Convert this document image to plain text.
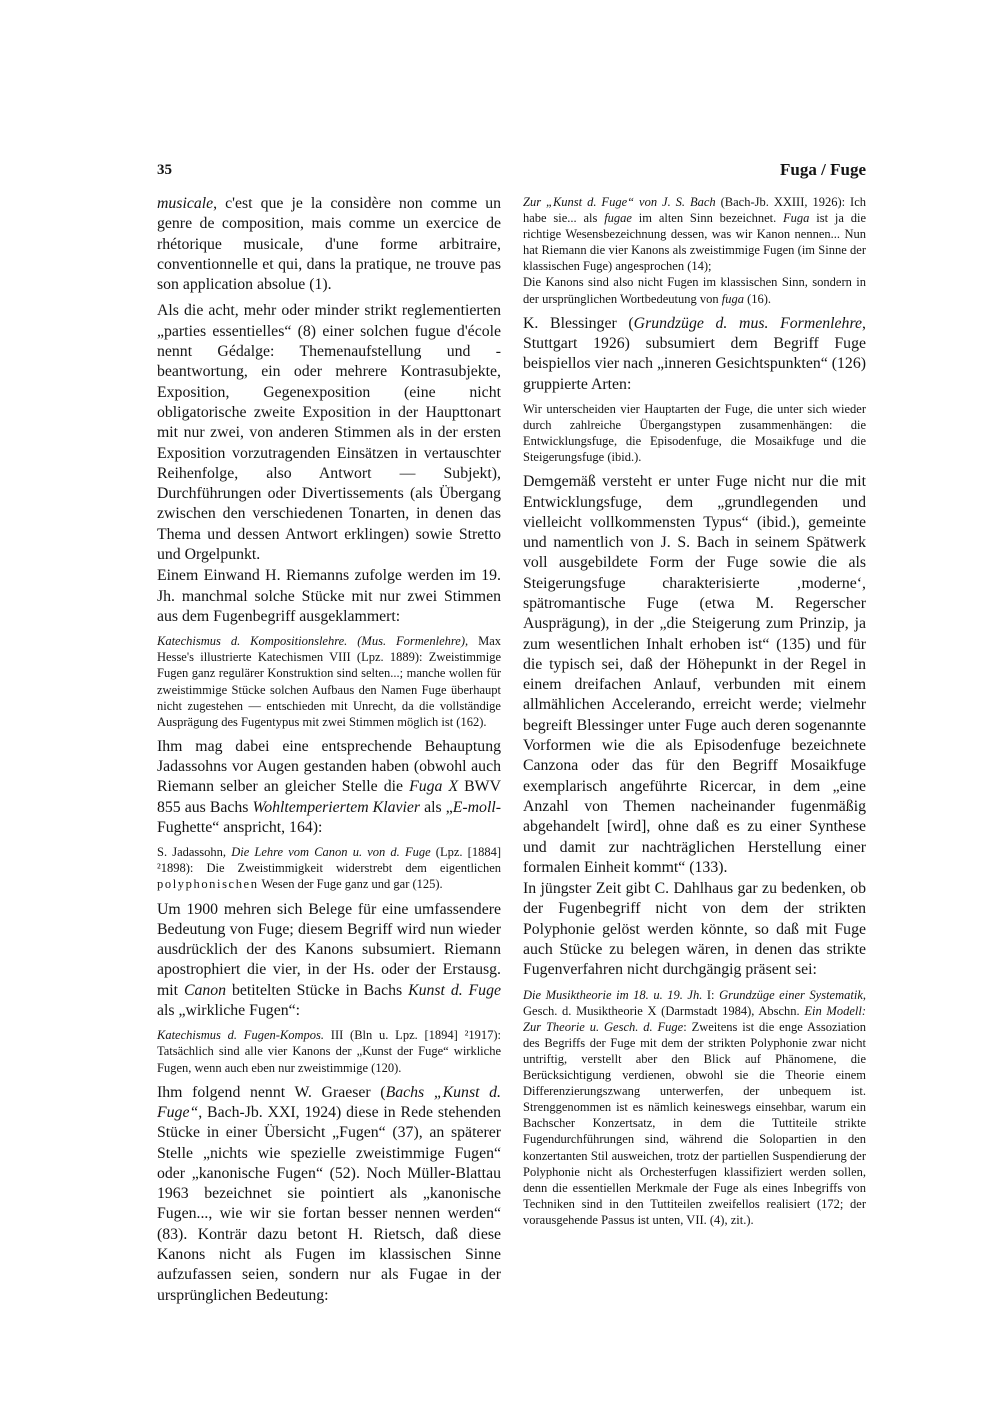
35	Fuga / Fuge

musicale, c'est que je la considère non comme un genre de composition, mais comme un exercice de rhétorique musicale, d'une forme arbitraire, conventionnelle et qui, dans la pratique, ne trouve pas son application absolue (1).

Als die acht, mehr oder minder strikt reglementierten „parties essentielles“ (8) einer solchen fugue d'école nennt Gédalge: Themenaufstellung und -beantwortung, ein oder mehrere Kontrasubjekte, Exposition, Gegenexposition (eine nicht obligatorische zweite Exposition in der Haupttonart mit nur zwei, von anderen Stimmen als in der ersten Exposition vorzutragenden Einsätzen in vertauschter Reihenfolge, also Antwort — Subjekt), Durchführungen oder Divertissements (als Übergang zwischen den verschiedenen Tonarten, in denen das Thema und dessen Antwort erklingen) sowie Stretto und Orgelpunkt.

Einem Einwand H. Riemanns zufolge werden im 19. Jh. manchmal solche Stücke mit nur zwei Stimmen aus dem Fugenbegriff ausgeklammert:

Katechismus d. Kompositionslehre. (Mus. Formenlehre), Max Hesse's illustrierte Katechismen VIII (Lpz. 1889): Zweistimmige Fugen ganz regulärer Konstruktion sind selten...; manche wollen für zweistimmige Stücke solchen Aufbaus den Namen Fuge überhaupt nicht zugestehen — entschieden mit Unrecht, da die vollständige Ausprägung des Fugentypus mit zwei Stimmen möglich ist (162).

Ihm mag dabei eine entsprechende Behauptung Jadassohns vor Augen gestanden haben (obwohl auch Riemann selber an gleicher Stelle die Fuga X BWV 855 aus Bachs Wohltemperiertem Klavier als „E-moll-Fughette“ anspricht, 164):

S. Jadassohn, Die Lehre vom Canon u. von d. Fuge (Lpz. [1884] ²1898): Die Zweistimmigkeit widerstrebt dem eigentlichen polyphonischen Wesen der Fuge ganz und gar (125).

Um 1900 mehren sich Belege für eine umfassendere Bedeutung von Fuge; diesem Begriff wird nun wieder ausdrücklich der des Kanons subsumiert. Riemann apostrophiert die vier, in der Hs. oder der Erstausg. mit Canon betitelten Stücke in Bachs Kunst d. Fuge als „wirkliche Fugen“:

Katechismus d. Fugen-Kompos. III (Bln u. Lpz. [1894] ²1917): Tatsächlich sind alle vier Kanons der „Kunst der Fuge“ wirkliche Fugen, wenn auch eben nur zweistimmige (120).

Ihm folgend nennt W. Graeser (Bachs „Kunst d. Fuge“, Bach-Jb. XXI, 1924) diese in Rede stehenden Stücke in einer Übersicht „Fugen“ (37), an späterer Stelle „nichts wie spezielle zweistimmige Fugen“ oder „kanonische Fugen“ (52). Noch Müller-Blattau 1963 bezeichnet sie pointiert als „kanonische Fugen..., wie wir sie fortan besser nennen werden“ (83). Konträr dazu betont H. Rietsch, daß diese Kanons nicht als Fugen im klassischen Sinne aufzufassen seien, sondern nur als Fugae in der ursprünglichen Bedeutung:

Zur „Kunst d. Fuge“ von J. S. Bach (Bach-Jb. XXIII, 1926): Ich habe sie... als fugae im alten Sinn bezeichnet. Fuga ist ja die richtige Wesensbezeichnung dessen, was wir Kanon nennen... Nun hat Riemann die vier Kanons als zweistimmige Fugen (im Sinne der klassischen Fuge) angesprochen (14);

Die Kanons sind also nicht Fugen im klassischen Sinn, sondern in der ursprünglichen Wortbedeutung von fuga (16).

K. Blessinger (Grundzüge d. mus. Formenlehre, Stuttgart 1926) subsumiert dem Begriff Fuge beispiellos vier nach „inneren Gesichtspunkten“ (126) gruppierte Arten:

Wir unterscheiden vier Hauptarten der Fuge, die unter sich wieder durch zahlreiche Übergangstypen zusammenhängen: die Entwicklungsfuge, die Episodenfuge, die Mosaikfuge und die Steigerungsfuge (ibid.).

Demgemäß versteht er unter Fuge nicht nur die mit Entwicklungsfuge, dem „grundlegenden und vielleicht vollkommensten Typus“ (ibid.), gemeinte und namentlich von J. S. Bach in seinem Spätwerk voll ausgebildete Form der Fuge sowie die als Steigerungsfuge charakterisierte ‚moderne‘, spätromantische Fuge (etwa M. Regerscher Ausprägung), in der „die Steigerung zum Prinzip, ja zum wesentlichen Inhalt erhoben ist“ (135) und für die typisch sei, daß der Höhepunkt in der Regel in einem dreifachen Anlauf, verbunden mit einem allmählichen Accelerando, erreicht werde; vielmehr begreift Blessinger unter Fuge auch deren sogenannte Vorformen wie die als Episodenfuge bezeichnete Canzona oder das für den Begriff Mosaikfuge exemplarisch angeführte Ricercar, in dem „eine Anzahl von Themen nacheinander fugenmäßig abgehandelt [wird], ohne daß es zu einer Synthese und damit zur nachträglichen Herstellung einer formalen Einheit kommt“ (133).

In jüngster Zeit gibt C. Dahlhaus gar zu bedenken, ob der Fugenbegriff nicht von dem der strikten Polyphonie gelöst werden könnte, so daß mit Fuge auch Stücke zu belegen wären, in denen das strikte Fugenverfahren nicht durchgängig präsent sei:

Die Musiktheorie im 18. u. 19. Jh. I: Grundzüge einer Systematik, Gesch. d. Musiktheorie X (Darmstadt 1984), Abschn. Ein Modell: Zur Theorie u. Gesch. d. Fuge: Zweitens ist die enge Assoziation des Begriffs der Fuge mit dem der strikten Polyphonie zwar nicht untriftig, verstellt aber den Blick auf Phänomene, die Berücksichtigung verdienen, obwohl sie die Theorie einem Differenzierungszwang unterwerfen, der unbequem ist. Strenggenommen ist es nämlich keineswegs einsehbar, warum ein Bachscher Konzertsatz, in dem die Tuttiteile strikte Fugendurchführungen sind, während die Solopartien in den konzertanten Stil ausweichen, trotz der partiellen Suspendierung der Polyphonie nicht als Orchesterfugen klassifiziert werden sollen, denn die essentiellen Merkmale der Fuge als eines Inbegriffs von Techniken sind in den Tuttiteilen zweifellos realisiert (172; der vorausgehende Passus ist unten, VII. (4), zit.).
